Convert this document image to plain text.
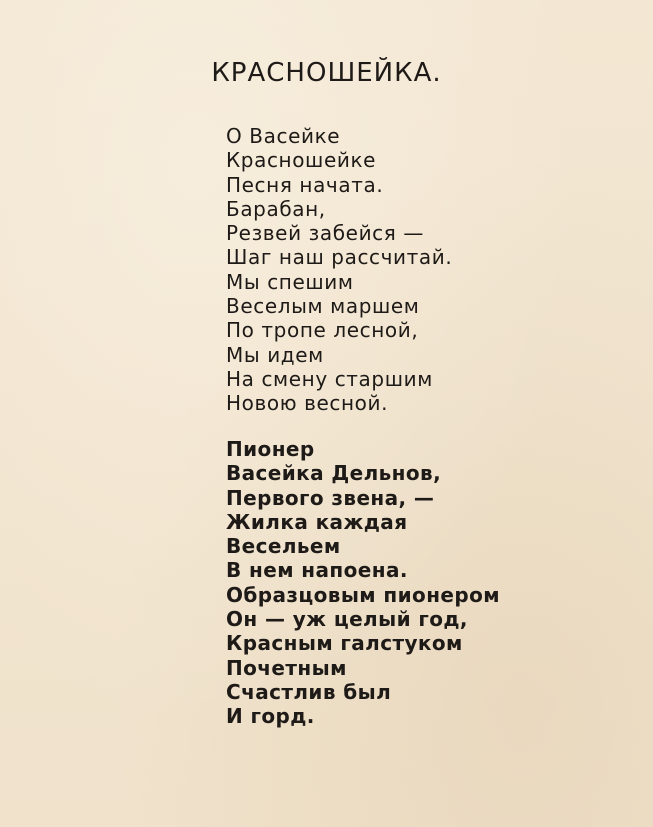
КРАСНОШЕЙКА.
О Васейке
Красношейке
Песня начата.
Барабан,
Резвей забейся —
Шаг наш рассчитай.
Мы спешим
Веселым маршем
По тропе лесной,
Мы идем
На смену старшим
Новою весной.
Пионер
Васейка Дельнов,
Первого звена, —
Жилка каждая
Весельем
В нем напоена.
Образцовым пионером
Он — уж целый год,
Красным галстуком
Почетным
Счастлив был
И горд.
